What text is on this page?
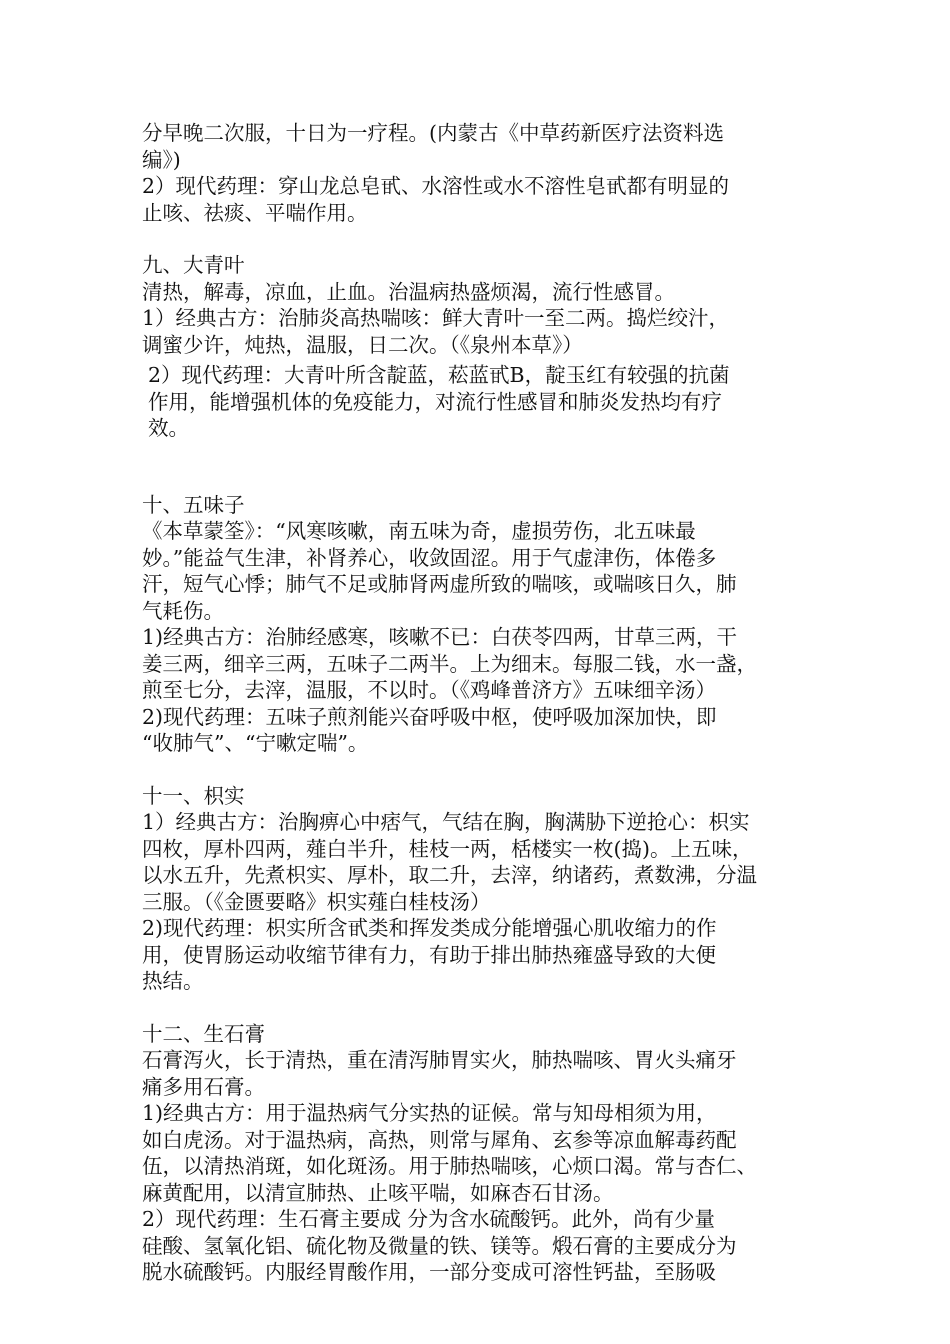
分早晚二次服，十日为一疗程。(内蒙古《中草药新医疗法资料选
编》)
2）现代药理：穿山龙总皂甙、水溶性或水不溶性皂甙都有明显的
止咳、祛痰、平喘作用。
九、大青叶
清热，解毒，凉血，止血。治温病热盛烦渴，流行性感冒。
1）经典古方：治肺炎高热喘咳：鲜大青叶一至二两。捣烂绞汁，
调蜜少许，炖热，温服，日二次。（《泉州本草》）
2）现代药理：大青叶所含靛蓝，菘蓝甙B，靛玉红有较强的抗菌
作用，能增强机体的免疫能力，对流行性感冒和肺炎发热均有疗
效。
十、五味子
《本草蒙筌》：“风寒咳嗽，南五味为奇，虚损劳伤，北五味最
妙。”能益气生津，补肾养心，收敛固涩。用于气虚津伤，体倦多
汗，短气心悸；肺气不足或肺肾两虚所致的喘咳，或喘咳日久，肺
气耗伤。
1)经典古方：治肺经感寒，咳嗽不已：白茯苓四两，甘草三两，干
姜三两，细辛三两，五味子二两半。上为细末。每服二钱，水一盏，
煎至七分，去滓，温服，不以时。（《鸡峰普济方》五味细辛汤）
2)现代药理：五味子煎剂能兴奋呼吸中枢，使呼吸加深加快，即
“收肺气”、“宁嗽定喘”。
十一、枳实
1）经典古方：治胸痹心中痞气，气结在胸，胸满胁下逆抢心：枳实
四枚，厚朴四两，薤白半升，桂枝一两，栝楼实一枚(捣)。上五味，
以水五升，先煮枳实、厚朴，取二升，去滓，纳诸药，煮数沸，分温
三服。（《金匮要略》枳实薤白桂枝汤）
2)现代药理：枳实所含甙类和挥发类成分能增强心肌收缩力的作
用，使胃肠运动收缩节律有力，有助于排出肺热雍盛导致的大便
热结。
十二、生石膏
石膏泻火，长于清热，重在清泻肺胃实火，肺热喘咳、胃火头痛牙
痛多用石膏。
1)经典古方：用于温热病气分实热的证候。常与知母相须为用，
如白虎汤。对于温热病，高热，则常与犀角、玄参等凉血解毒药配
伍，以清热消斑，如化斑汤。用于肺热喘咳，心烦口渴。常与杏仁、
麻黄配用，以清宣肺热、止咳平喘，如麻杏石甘汤。
2）现代药理：生石膏主要成 分为含水硫酸钙。此外，尚有少量
硅酸、氢氧化铝、硫化物及微量的铁、镁等。煅石膏的主要成分为
脱水硫酸钙。内服经胃酸作用，一部分变成可溶性钙盐，至肠吸
